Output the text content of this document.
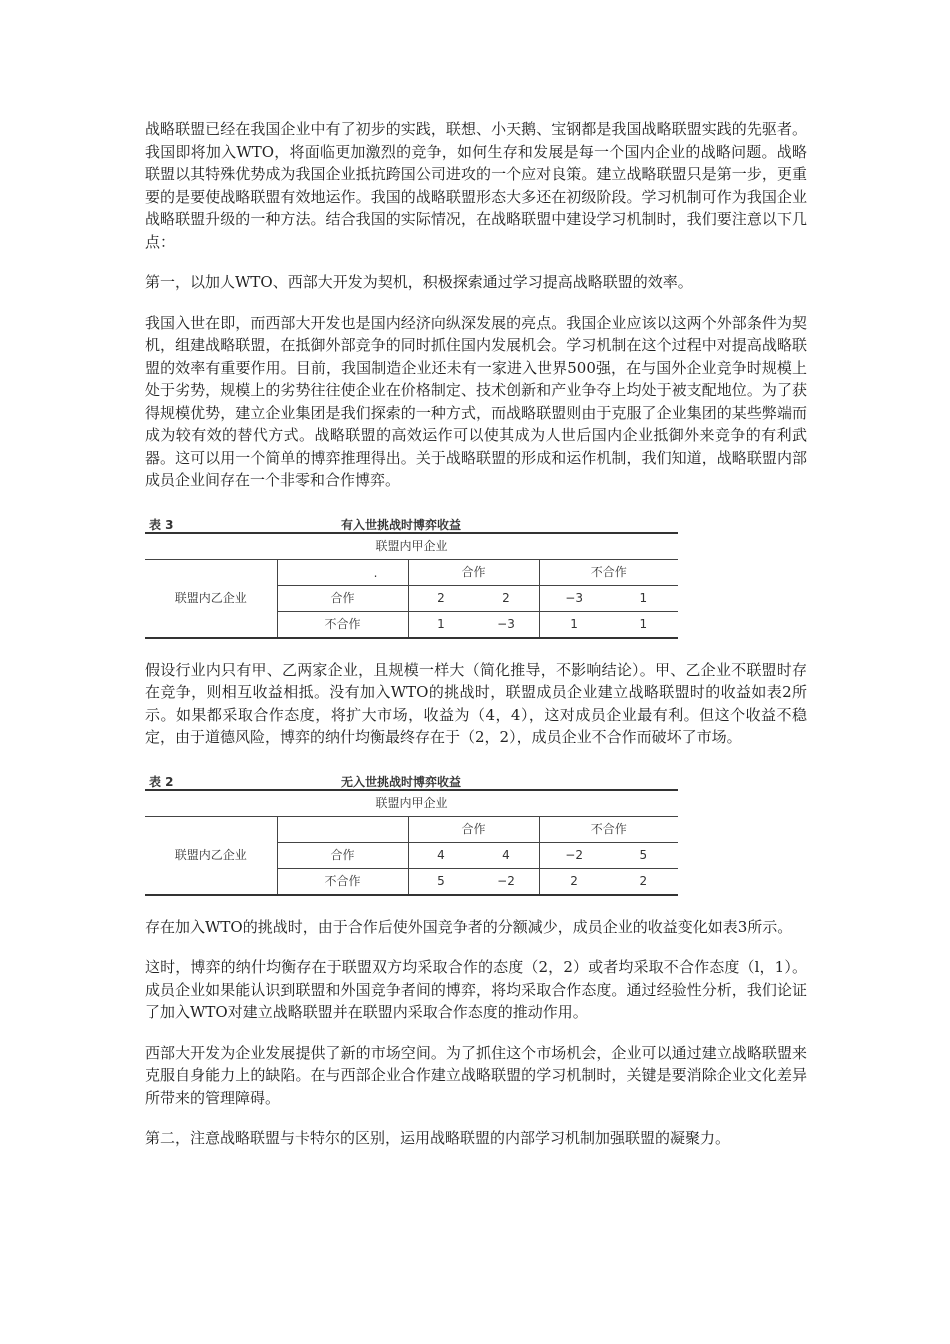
战略联盟已经在我国企业中有了初步的实践，联想、小天鹅、宝钢都是我国战略联盟实践的先驱者。我国即将加入WTO，将面临更加激烈的竞争，如何生存和发展是每一个国内企业的战略问题。战略联盟以其特殊优势成为我国企业抵抗跨国公司进攻的一个应对良策。建立战略联盟只是第一步，更重要的是要使战略联盟有效地运作。我国的战略联盟形态大多还在初级阶段。学习机制可作为我国企业战略联盟升级的一种方法。结合我国的实际情况，在战略联盟中建设学习机制时，我们要注意以下几点：

第一，以加人WTO、西部大开发为契机，积极探索通过学习提高战略联盟的效率。

我国入世在即，而西部大开发也是国内经济向纵深发展的亮点。我国企业应该以这两个外部条件为契机，组建战略联盟，在抵御外部竞争的同时抓住国内发展机会。学习机制在这个过程中对提高战略联盟的效率有重要作用。目前，我国制造企业还未有一家进入世界500强，在与国外企业竞争时规模上处于劣势，规模上的劣势往往使企业在价格制定、技术创新和产业争夺上均处于被支配地位。为了获得规模优势，建立企业集团是我们探索的一种方式，而战略联盟则由于克服了企业集团的某些弊端而成为较有效的替代方式。战略联盟的高效运作可以使其成为人世后国内企业抵御外来竞争的有利武器。这可以用一个简单的博弈推理得出。关于战略联盟的形成和运作机制，我们知道，战略联盟内部成员企业间存在一个非零和合作博弈。

表 3	有入世挑战时博弈收益
联盟内甲企业			
联盟内乙企业	.	合作	不合作
	合作	2 2	−3 1

	不合作	1 −3	1 1

假设行业内只有甲、乙两家企业，且规模一样大（简化推导，不影响结论）。甲、乙企业不联盟时存在竞争，则相互收益相抵。没有加入WTO的挑战时，联盟成员企业建立战略联盟时的收益如表2所示。如果都采取合作态度，将扩大市场，收益为（4，4），这对成员企业最有利。但这个收益不稳定，由于道德风险，博弈的纳什均衡最终存在于（2，2），成员企业不合作而破坏了市场。

表 2	无入世挑战时博弈收益
联盟内甲企业			
联盟内乙企业		合作	不合作
	合作	4 4	−2 5

	不合作	5 −2	2 2

存在加入WTO的挑战时，由于合作后使外国竞争者的分额减少，成员企业的收益变化如表3所示。

这时，博弈的纳什均衡存在于联盟双方均采取合作的态度（2，2）或者均采取不合作态度（l，1）。成员企业如果能认识到联盟和外国竞争者间的博弈，将均采取合作态度。通过经验性分析，我们论证了加入WTO对建立战略联盟并在联盟内采取合作态度的推动作用。

西部大开发为企业发展提供了新的市场空间。为了抓住这个市场机会，企业可以通过建立战略联盟来克服自身能力上的缺陷。在与西部企业合作建立战略联盟的学习机制时，关键是要消除企业文化差异所带来的管理障碍。

第二，注意战略联盟与卡特尔的区别，运用战略联盟的内部学习机制加强联盟的凝聚力。
